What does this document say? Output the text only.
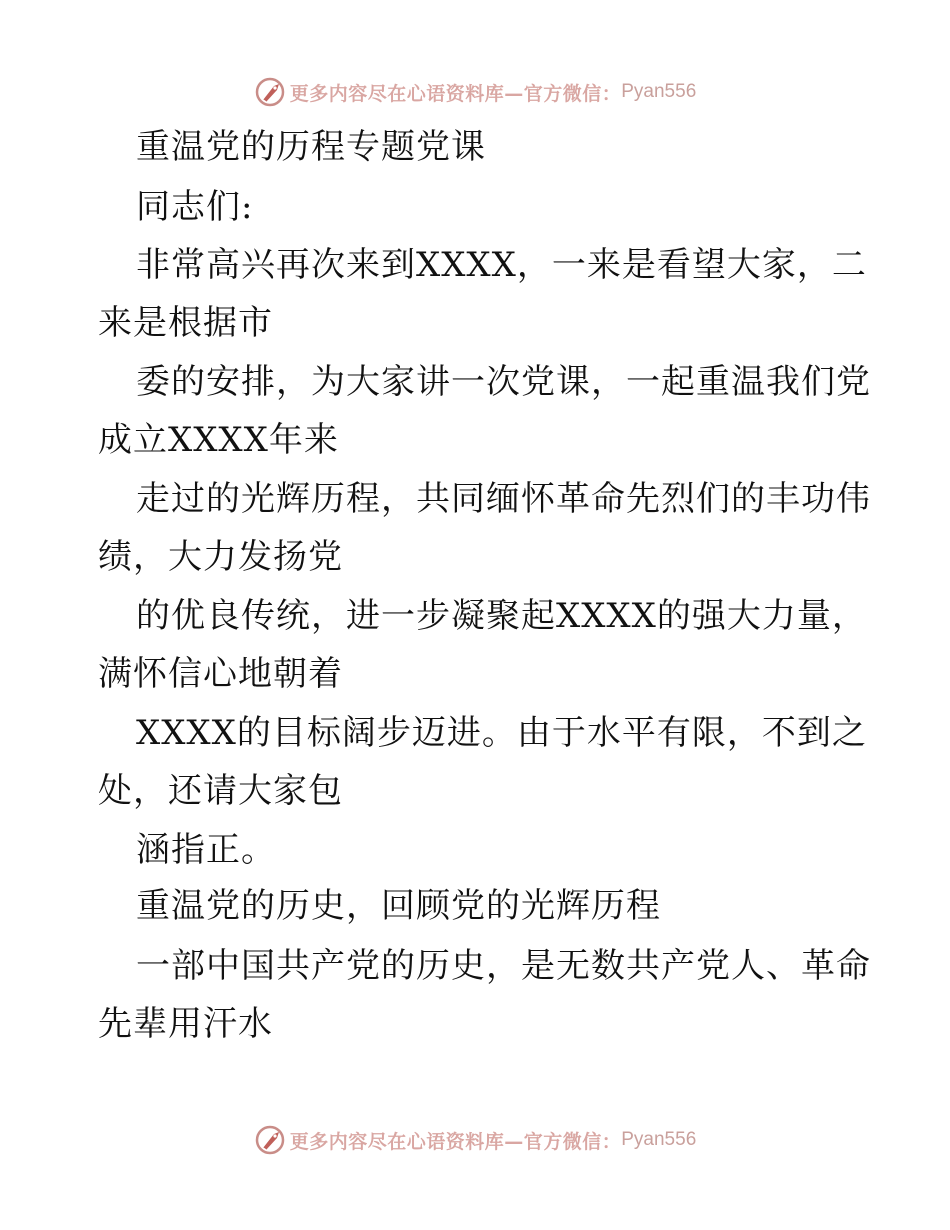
更多内容尽在心语资料库—官方微信： Pyan556
重温党的历程专题党课
同志们:
非常高兴再次来到XXXX，一来是看望大家，二
来是根据市
委的安排，为大家讲一次党课，一起重温我们党
成立XXXX年来
走过的光辉历程，共同缅怀革命先烈们的丰功伟
绩，大力发扬党
的优良传统，进一步凝聚起XXXX的强大力量，
满怀信心地朝着
XXXX的目标阔步迈进。由于水平有限，不到之
处，还请大家包
涵指正。
重温党的历史，回顾党的光辉历程
一部中国共产党的历史，是无数共产党人、革命
先辈用汗水
更多内容尽在心语资料库—官方微信： Pyan556
